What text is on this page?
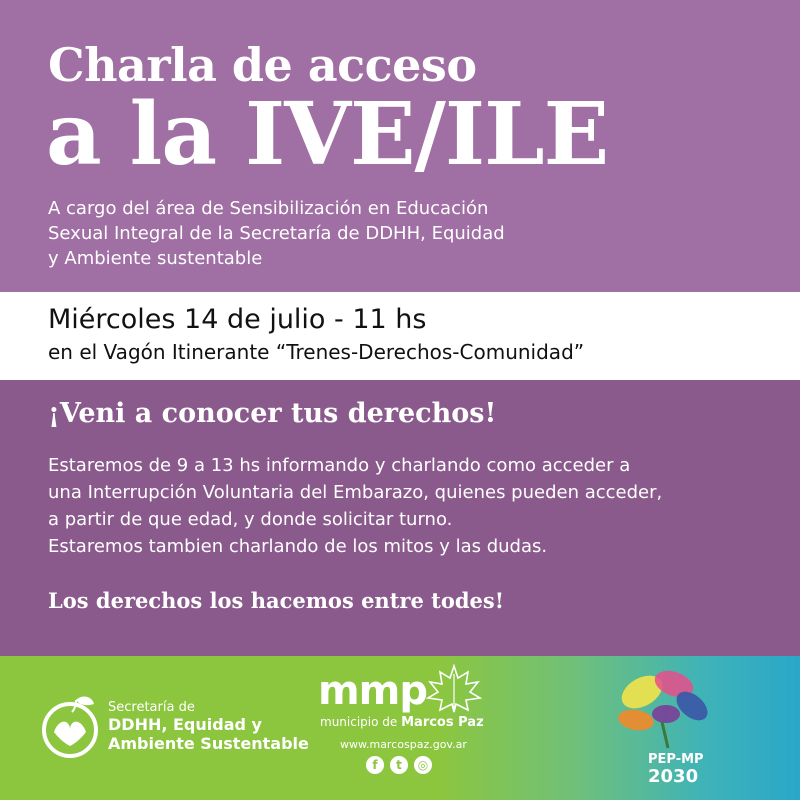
Charla de acceso
a la IVE/ILE
A cargo del área de Sensibilización en Educación
Sexual Integral de la Secretaría de DDHH, Equidad
y Ambiente sustentable
Miércoles 14 de julio - 11 hs
en el Vagón Itinerante “Trenes-Derechos-Comunidad”
¡Veni a conocer tus derechos!
Estaremos de 9 a 13 hs informando y charlando como acceder a
una Interrupción Voluntaria del Embarazo, quienes pueden acceder,
a partir de que edad, y donde solicitar turno.
Estaremos tambien charlando de los mitos y las dudas.
Los derechos los hacemos entre todes!
Secretaría de
DDHH, Equidad y
Ambiente Sustentable
mmp
municipio de Marcos Paz
www.marcospaz.gov.ar
f	t	◎	PEP-MP
2030
